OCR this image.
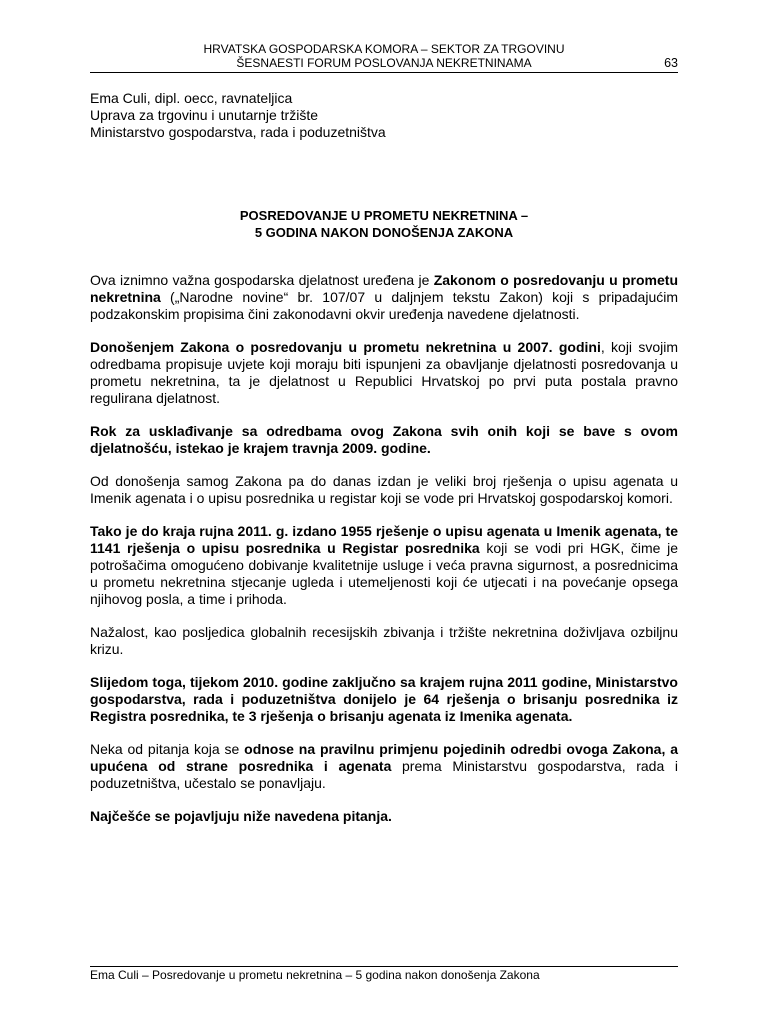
HRVATSKA GOSPODARSKA KOMORA – SEKTOR ZA TRGOVINU
ŠESNAESTI FORUM POSLOVANJA NEKRETNINAMA	63
Ema Culi, dipl. oecc, ravnateljica
Uprava za trgovinu i unutarnje tržište
Ministarstvo gospodarstva, rada i poduzetništva
POSREDOVANJE U PROMETU NEKRETNINA –
5 GODINA NAKON DONOŠENJA ZAKONA

Ova iznimno važna gospodarska djelatnost uređena je Zakonom o posredovanju u prometu nekretnina („Narodne novine“ br. 107/07 u daljnjem tekstu Zakon) koji s pripadajućim podzakonskim propisima čini zakonodavni okvir uređenja navedene djelatnosti.

Donošenjem Zakona o posredovanju u prometu nekretnina u 2007. godini, koji svojim odredbama propisuje uvjete koji moraju biti ispunjeni za obavljanje djelatnosti posredovanja u prometu nekretnina, ta je djelatnost u Republici Hrvatskoj po prvi puta postala pravno regulirana djelatnost.

Rok za usklađivanje sa odredbama ovog Zakona svih onih koji se bave s ovom djelatnošću, istekao je krajem travnja 2009. godine.

Od donošenja samog Zakona pa do danas izdan je veliki broj rješenja o upisu agenata u Imenik agenata i o upisu posrednika u registar koji se vode pri Hrvatskoj gospodarskoj komori.

Tako je do kraja rujna 2011. g. izdano 1955 rješenje o upisu agenata u Imenik agenata, te 1141 rješenja o upisu posrednika u Registar posrednika koji se vodi pri HGK, čime je potrošačima omogućeno dobivanje kvalitetnije usluge i veća pravna sigurnost, a posrednicima u prometu nekretnina stjecanje ugleda i utemeljenosti koji će utjecati i na povećanje opsega njihovog posla, a time i prihoda.

Nažalost, kao posljedica globalnih recesijskih zbivanja i tržište nekretnina doživljava ozbiljnu krizu.

Slijedom toga, tijekom 2010. godine zaključno sa krajem rujna 2011 godine, Ministarstvo gospodarstva, rada i poduzetništva donijelo je 64 rješenja o brisanju posrednika iz Registra posrednika, te 3 rješenja o brisanju agenata iz Imenika agenata.

Neka od pitanja koja se odnose na pravilnu primjenu pojedinih odredbi ovoga Zakona, a upućena od strane posrednika i agenata prema Ministarstvu gospodarstva, rada i poduzetništva, učestalo se ponavljaju.

Najčešće se pojavljuju niže navedena pitanja.

Ema Culi – Posredovanje u prometu nekretnina – 5 godina nakon donošenja Zakona
